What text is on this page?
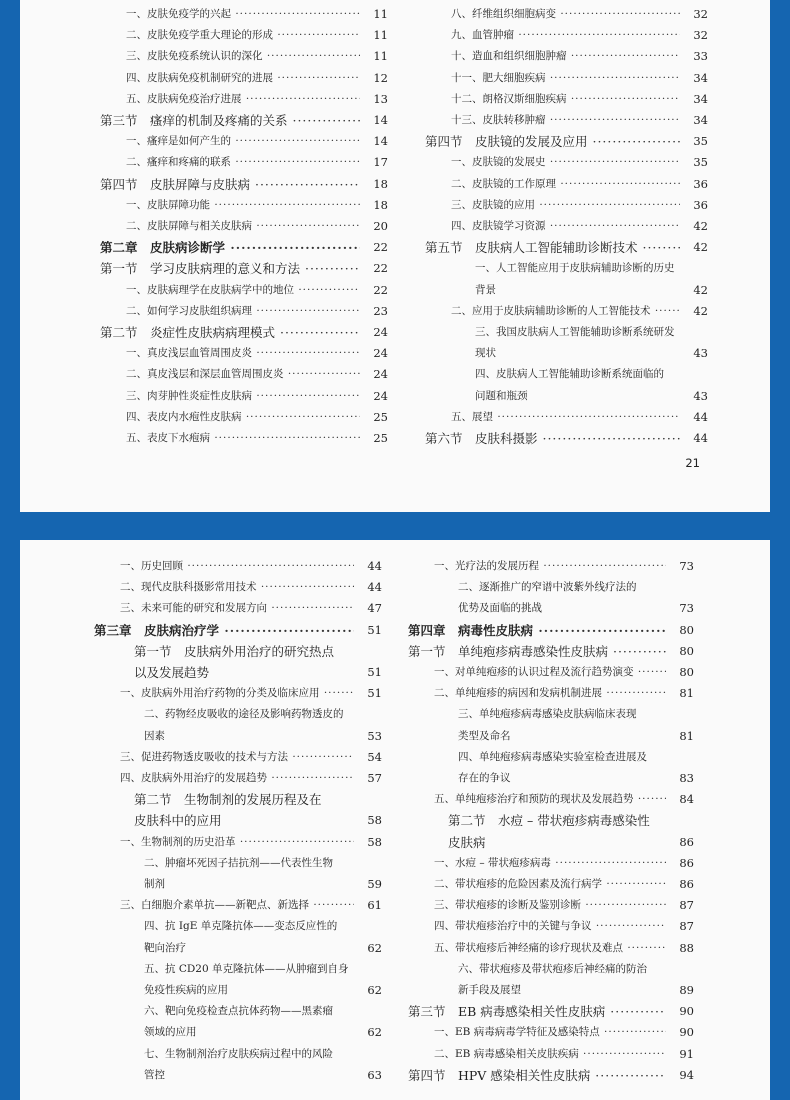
一、皮肤免疫学的兴起 ·····	11
二、皮肤免疫学重大理论的形成 ·····	11
三、皮肤免疫系统认识的深化 ·····	11
四、皮肤病免疫机制研究的进展 ·····	12
五、皮肤病免疫治疗进展 ·····	13
第三节　瘙痒的机制及疼痛的关系 ·····	14
一、瘙痒是如何产生的 ·····	14
二、瘙痒和疼痛的联系 ·····	17
第四节　皮肤屏障与皮肤病 ·····	18
一、皮肤屏障功能 ·····	18
二、皮肤屏障与相关皮肤病 ·····	20
第二章　皮肤病诊断学 ·····	22
第一节　学习皮肤病理的意义和方法 ·····	22
一、皮肤病理学在皮肤病学中的地位 ·····	22
二、如何学习皮肤组织病理 ·····	23
第二节　炎症性皮肤病病理模式 ·····	24
一、真皮浅层血管周围皮炎 ·····	24
二、真皮浅层和深层血管周围皮炎 ·····	24
三、肉芽肿性炎症性皮肤病 ·····	24
四、表皮内水疱性皮肤病 ·····	25
五、表皮下水疱病 ·····	25
八、纤维组织细胞病变 ·····	32
九、血管肿瘤 ·····	32
十、造血和组织细胞肿瘤 ·····	33
十一、肥大细胞疾病 ·····	34
十二、朗格汉斯细胞疾病 ·····	34
十三、皮肤转移肿瘤 ·····	34
第四节　皮肤镜的发展及应用 ·····	35
一、皮肤镜的发展史 ·····	35
二、皮肤镜的工作原理 ·····	36
三、皮肤镜的应用 ·····	36
四、皮肤镜学习资源 ·····	42
第五节　皮肤病人工智能辅助诊断技术 ·····	42
一、人工智能应用于皮肤病辅助诊断的历史
背景	42
二、应用于皮肤病辅助诊断的人工智能技术 ·····	42
三、我国皮肤病人工智能辅助诊断系统研发
现状	43
四、皮肤病人工智能辅助诊断系统面临的
问题和瓶颈	43
五、展望 ·····	44
第六节　皮肤科摄影 ·····	44
21
一、历史回顾 ·····	44
二、现代皮肤科摄影常用技术 ·····	44
三、未来可能的研究和发展方向 ·····	47
第三章　皮肤病治疗学 ·····	51
第一节　皮肤病外用治疗的研究热点
以及发展趋势	51
一、皮肤病外用治疗药物的分类及临床应用 ·····	51
二、药物经皮吸收的途径及影响药物透皮的
因素	53
三、促进药物透皮吸收的技术与方法 ·····	54
四、皮肤病外用治疗的发展趋势 ·····	57
第二节　生物制剂的发展历程及在
皮肤科中的应用	58
一、生物制剂的历史沿革 ·····	58
二、肿瘤坏死因子拮抗剂——代表性生物
制剂	59
三、白细胞介素单抗——新靶点、新选择 ·····	61
四、抗 IgE 单克隆抗体——变态反应性的
靶向治疗	62
五、抗 CD20 单克隆抗体——从肿瘤到自身
免疫性疾病的应用	62
六、靶向免疫检查点抗体药物——黑素瘤
领域的应用	62
七、生物制剂治疗皮肤疾病过程中的风险
管控	63
一、光疗法的发展历程 ·····	73
二、逐渐推广的窄谱中波紫外线疗法的
优势及面临的挑战	73
第四章　病毒性皮肤病 ·····	80
第一节　单纯疱疹病毒感染性皮肤病 ·····	80
一、对单纯疱疹的认识过程及流行趋势演变 ·····	80
二、单纯疱疹的病因和发病机制进展 ·····	81
三、单纯疱疹病毒感染皮肤病临床表现
类型及命名	81
四、单纯疱疹病毒感染实验室检查进展及
存在的争议	83
五、单纯疱疹治疗和预防的现状及发展趋势 ·····	84
第二节　水痘 – 带状疱疹病毒感染性
皮肤病	86
一、水痘 – 带状疱疹病毒 ·····	86
二、带状疱疹的危险因素及流行病学 ·····	86
三、带状疱疹的诊断及鉴别诊断 ·····	87
四、带状疱疹治疗中的关键与争议 ·····	87
五、带状疱疹后神经痛的诊疗现状及难点 ·····	88
六、带状疱疹及带状疱疹后神经痛的防治
新手段及展望	89
第三节　EB 病毒感染相关性皮肤病 ·····	90
一、EB 病毒病毒学特征及感染特点 ·····	90
二、EB 病毒感染相关皮肤疾病 ·····	91
第四节　HPV 感染相关性皮肤病 ·····	94
